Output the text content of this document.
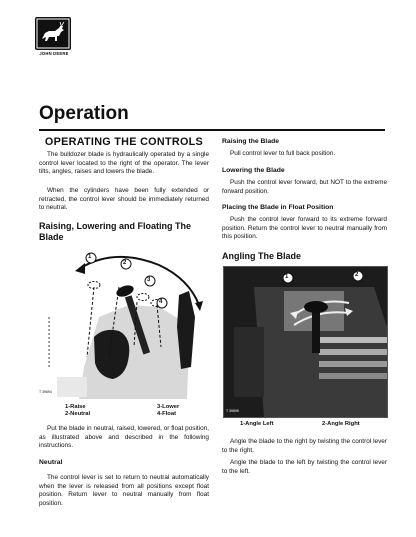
JOHN DEERE
Operation
OPERATING THE CONTROLS

The bulldozer blade is hydraulically operated by a single control lever located to the right of the operator. The lever tilts, angles, raises and lowers the blade.

When the cylinders have been fully extended or retracted, the control lever should be immediately returned to neutral.

Raising, Lowering and Floating The Blade
1
2
3
4
T 39694
1-Raise
2-Neutral
3-Lower
4-Float

Put the blade in neutral, raised, lowered, or float position, as illustrated above and described in the following instructions.

Neutral

The control lever is set to return to neutral automatically when the lever is released from all positions except float position. Return lever to neutral manually from float position.

Raising the Blade

Pull control lever to full back position.

Lowering the Blade

Push the control lever forward, but NOT to the extreme forward position.

Placing the Blade in Float Position

Push the control lever forward to its extreme forward position. Return the control lever to neutral manually from this position.

Angling The Blade
1	2
T 39695
1-Angle Left	2-Angle Right

Angle the blade to the right by twisting the control lever to the right.

Angle the blade to the left by twisting the control lever to the left.
